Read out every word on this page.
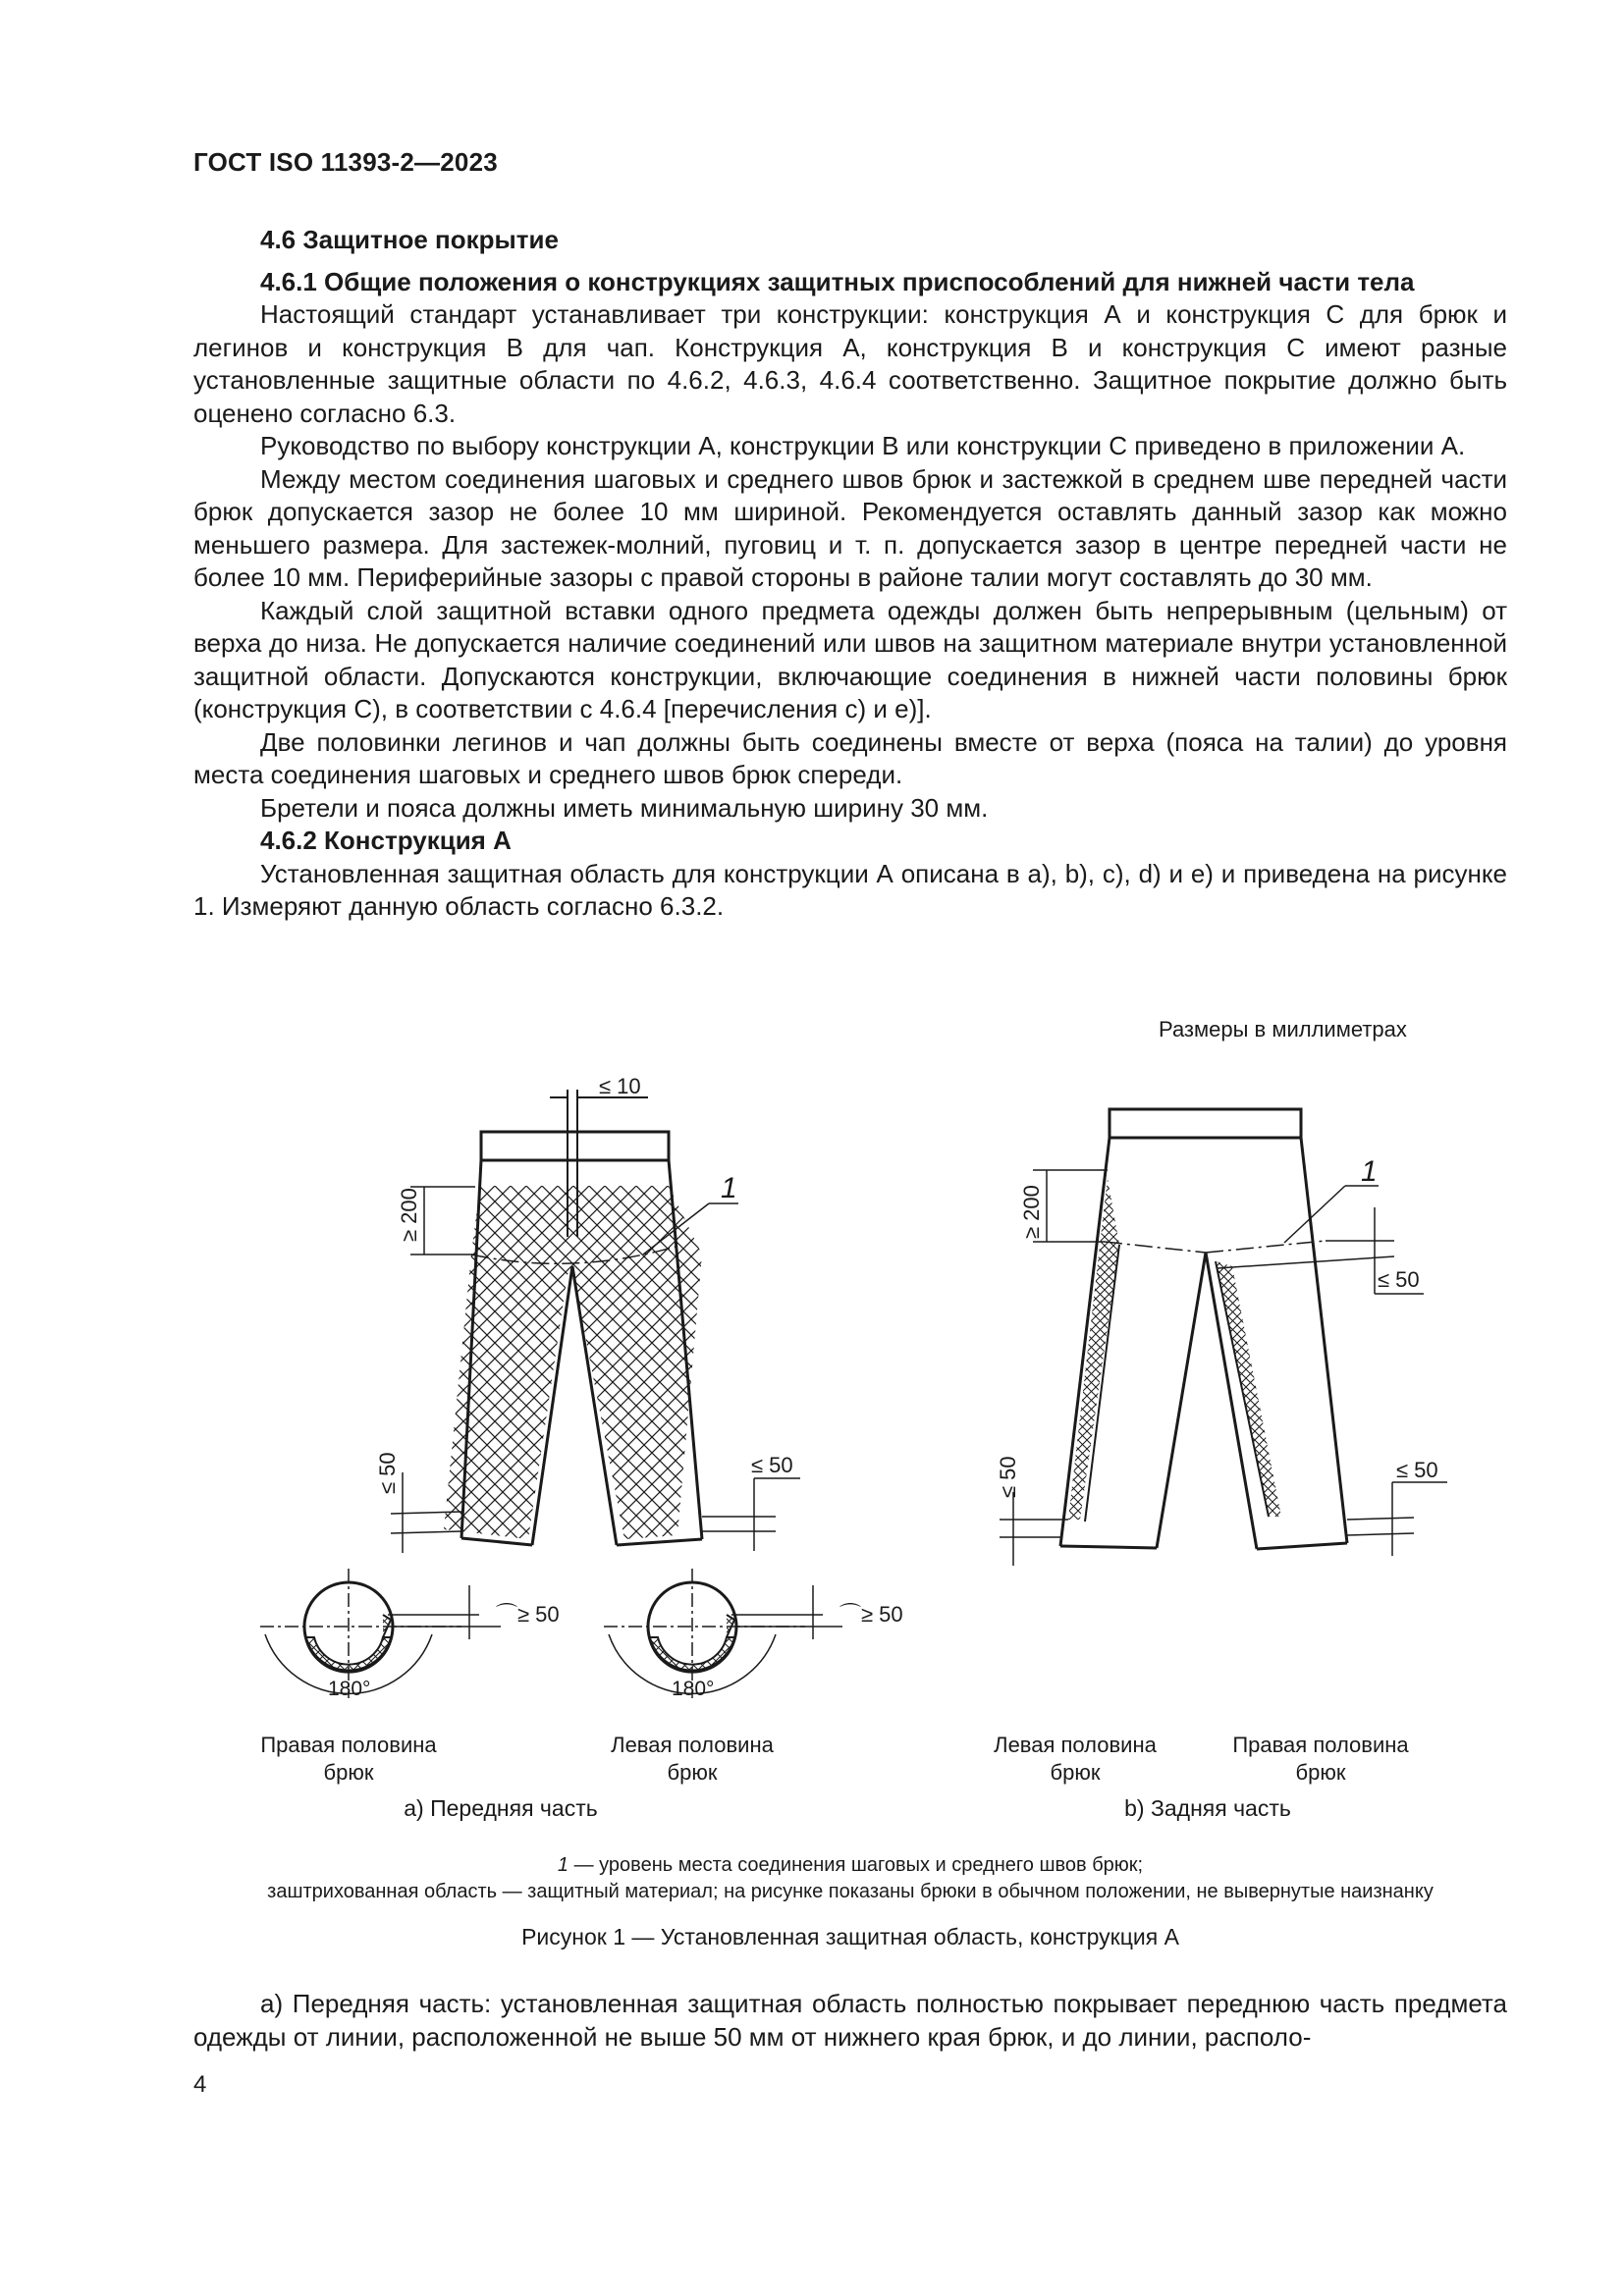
ГОСТ ISO 11393-2—2023

4.6 Защитное покрытие

4.6.1 Общие положения о конструкциях защитных приспособлений для нижней части тела

Настоящий стандарт устанавливает три конструкции: конструкция А и конструкция С для брюк и легинов и конструкция В для чап. Конструкция А, конструкция В и конструкция С имеют разные установленные защитные области по 4.6.2, 4.6.3, 4.6.4 соответственно. Защитное покрытие должно быть оценено согласно 6.3.

Руководство по выбору конструкции А, конструкции В или конструкции С приведено в приложении А.

Между местом соединения шаговых и среднего швов брюк и застежкой в среднем шве передней части брюк допускается зазор не более 10 мм шириной. Рекомендуется оставлять данный зазор как можно меньшего размера. Для застежек-молний, пуговиц и т. п. допускается зазор в центре передней части не более 10 мм. Периферийные зазоры с правой стороны в районе талии могут составлять до 30 мм.

Каждый слой защитной вставки одного предмета одежды должен быть непрерывным (цельным) от верха до низа. Не допускается наличие соединений или швов на защитном материале внутри установленной защитной области. Допускаются конструкции, включающие соединения в нижней части половины брюк (конструкция С), в соответствии с 4.6.4 [перечисления с) и е)].

Две половинки легинов и чап должны быть соединены вместе от верха (пояса на талии) до уровня места соединения шаговых и среднего швов брюк спереди.

Бретели и пояса должны иметь минимальную ширину 30 мм.

4.6.2 Конструкция А

Установленная защитная область для конструкции А описана в а), b), с), d) и е) и приведена на рисунке 1. Измеряют данную область согласно 6.3.2.

Размеры в миллиметрах
≤ 10
≥ 200	1
≤ 50	≤ 50
180°
⌒≥ 50
180°
⌒≥ 50
≤ 50
≥ 200
1
≤ 50	≤ 50
Правая половина
брюк
Левая половина
брюк
Левая половина
брюк
Правая половина
брюк
а) Передняя часть	b) Задняя часть
1 — уровень места соединения шаговых и среднего швов брюк;
заштрихованная область — защитный материал; на рисунке показаны брюки в обычном положении, не вывернутые наизнанку
Рисунок 1 — Установленная защитная область, конструкция А

а) Передняя часть: установленная защитная область полностью покрывает переднюю часть предмета одежды от линии, расположенной не выше 50 мм от нижнего края брюк, и до линии, располо-

4
